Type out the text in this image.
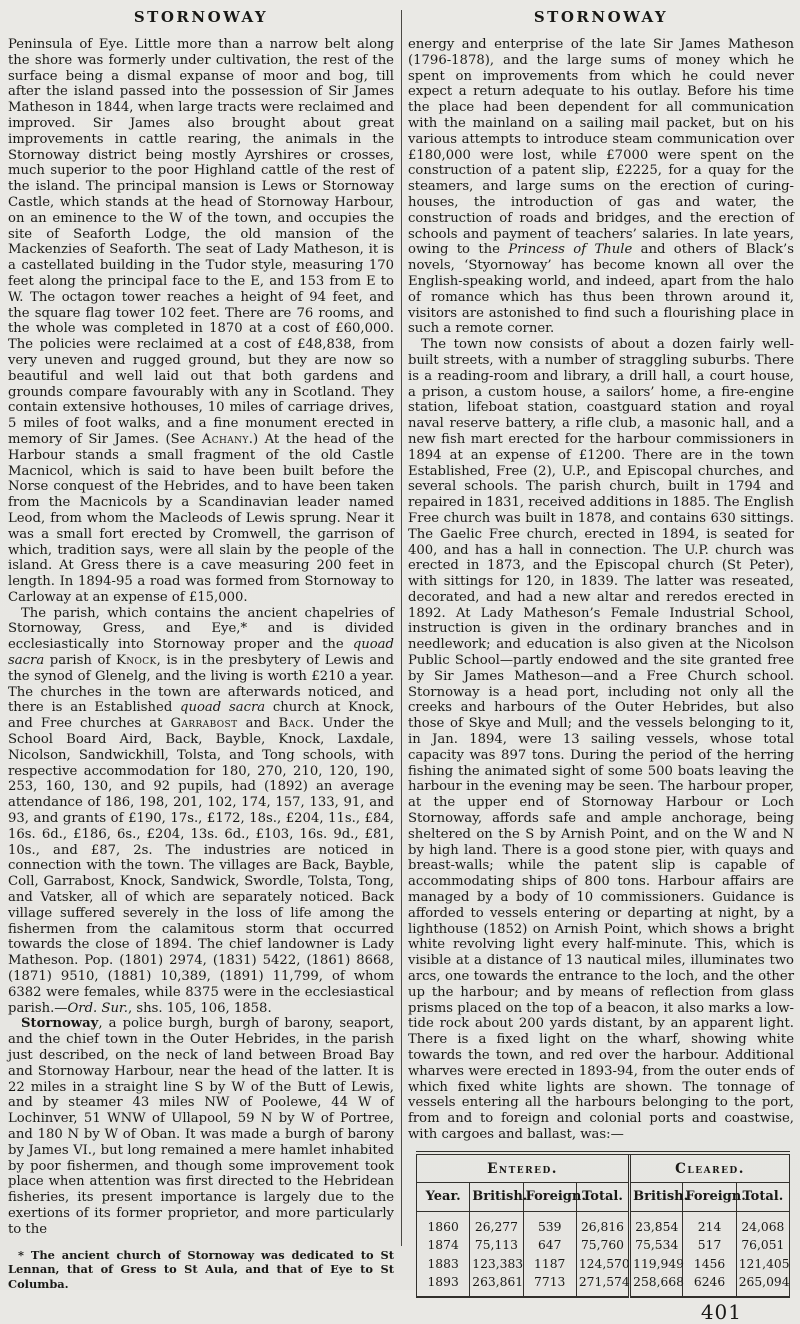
STORNOWAY

Peninsula of Eye. Little more than a narrow belt along the shore was formerly under cultivation, the rest of the surface being a dismal expanse of moor and bog, till after the island passed into the possession of Sir James Matheson in 1844, when large tracts were reclaimed and improved. Sir James also brought about great improvements in cattle rearing, the animals in the Stornoway district being mostly Ayrshires or crosses, much superior to the poor Highland cattle of the rest of the island. The principal mansion is Lews or Stornoway Castle, which stands at the head of Stornoway Harbour, on an eminence to the W of the town, and occupies the site of Seaforth Lodge, the old mansion of the Mackenzies of Seaforth. The seat of Lady Matheson, it is a castellated building in the Tudor style, measuring 170 feet along the principal face to the E, and 153 from E to W. The octagon tower reaches a height of 94 feet, and the square flag tower 102 feet. There are 76 rooms, and the whole was completed in 1870 at a cost of £60,000. The policies were reclaimed at a cost of £48,838, from very uneven and rugged ground, but they are now so beautiful and well laid out that both gardens and grounds compare favourably with any in Scotland. They contain extensive hothouses, 10 miles of carriage drives, 5 miles of foot walks, and a fine monument erected in memory of Sir James. (See Achany.) At the head of the Harbour stands a small fragment of the old Castle Macnicol, which is said to have been built before the Norse conquest of the Hebrides, and to have been taken from the Macnicols by a Scandinavian leader named Leod, from whom the Macleods of Lewis sprung. Near it was a small fort erected by Cromwell, the garrison of which, tradition says, were all slain by the people of the island. At Gress there is a cave measuring 200 feet in length. In 1894-95 a road was formed from Stornoway to Carloway at an expense of £15,000.

The parish, which contains the ancient chapelries of Stornoway, Gress, and Eye,* and is divided ecclesiastically into Stornoway proper and the quoad sacra parish of Knock, is in the presbytery of Lewis and the synod of Glenelg, and the living is worth £210 a year. The churches in the town are afterwards noticed, and there is an Established quoad sacra church at Knock, and Free churches at Garrabost and Back. Under the School Board Aird, Back, Bayble, Knock, Laxdale, Nicolson, Sandwickhill, Tolsta, and Tong schools, with respective accommodation for 180, 270, 210, 120, 190, 253, 160, 130, and 92 pupils, had (1892) an average attendance of 186, 198, 201, 102, 174, 157, 133, 91, and 93, and grants of £190, 17s., £172, 18s., £204, 11s., £84, 16s. 6d., £186, 6s., £204, 13s. 6d., £103, 16s. 9d., £81, 10s., and £87, 2s. The industries are noticed in connection with the town. The villages are Back, Bayble, Coll, Garrabost, Knock, Sandwick, Swordle, Tolsta, Tong, and Vatsker, all of which are separately noticed. Back village suffered severely in the loss of life among the fishermen from the calamitous storm that occurred towards the close of 1894. The chief landowner is Lady Matheson. Pop. (1801) 2974, (1831) 5422, (1861) 8668, (1871) 9510, (1881) 10,389, (1891) 11,799, of whom 6382 were females, while 8375 were in the ecclesiastical parish.—Ord. Sur., shs. 105, 106, 1858.

Stornoway, a police burgh, burgh of barony, seaport, and the chief town in the Outer Hebrides, in the parish just described, on the neck of land between Broad Bay and Stornoway Harbour, near the head of the latter. It is 22 miles in a straight line S by W of the Butt of Lewis, and by steamer 43 miles NW of Poolewe, 44 W of Lochinver, 51 WNW of Ullapool, 59 N by W of Portree, and 180 N by W of Oban. It was made a burgh of barony by James VI., but long remained a mere hamlet inhabited by poor fishermen, and though some improvement took place when attention was first directed to the Hebridean fisheries, its present importance is largely due to the exertions of its former proprietor, and more particularly to the

* The ancient church of Stornoway was dedicated to St Lennan, that of Gress to St Aula, and that of Eye to St Columba.

STORNOWAY

energy and enterprise of the late Sir James Matheson (1796-1878), and the large sums of money which he spent on improvements from which he could never expect a return adequate to his outlay. Before his time the place had been dependent for all communication with the mainland on a sailing mail packet, but on his various attempts to introduce steam communication over £180,000 were lost, while £7000 were spent on the construction of a patent slip, £2225, for a quay for the steamers, and large sums on the erection of curing-houses, the introduction of gas and water, the construction of roads and bridges, and the erection of schools and payment of teachers’ salaries. In late years, owing to the Princess of Thule and others of Black’s novels, ‘Styornoway’ has become known all over the English-speaking world, and indeed, apart from the halo of romance which has thus been thrown around it, visitors are astonished to find such a flourishing place in such a remote corner.

The town now consists of about a dozen fairly well-built streets, with a number of straggling suburbs. There is a reading-room and library, a drill hall, a court house, a prison, a custom house, a sailors’ home, a fire-engine station, lifeboat station, coastguard station and royal naval reserve battery, a rifle club, a masonic hall, and a new fish mart erected for the harbour commissioners in 1894 at an expense of £1200. There are in the town Established, Free (2), U.P., and Episcopal churches, and several schools. The parish church, built in 1794 and repaired in 1831, received additions in 1885. The English Free church was built in 1878, and contains 630 sittings. The Gaelic Free church, erected in 1894, is seated for 400, and has a hall in connection. The U.P. church was erected in 1873, and the Episcopal church (St Peter), with sittings for 120, in 1839. The latter was reseated, decorated, and had a new altar and reredos erected in 1892. At Lady Matheson’s Female Industrial School, instruction is given in the ordinary branches and in needlework; and education is also given at the Nicolson Public School—partly endowed and the site granted free by Sir James Matheson—and a Free Church school. Stornoway is a head port, including not only all the creeks and harbours of the Outer Hebrides, but also those of Skye and Mull; and the vessels belonging to it, in Jan. 1894, were 13 sailing vessels, whose total capacity was 897 tons. During the period of the herring fishing the animated sight of some 500 boats leaving the harbour in the evening may be seen. The harbour proper, at the upper end of Stornoway Harbour or Loch Stornoway, affords safe and ample anchorage, being sheltered on the S by Arnish Point, and on the W and N by high land. There is a good stone pier, with quays and breast-walls; while the patent slip is capable of accommodating ships of 800 tons. Harbour affairs are managed by a body of 10 commissioners. Guidance is afforded to vessels entering or departing at night, by a lighthouse (1852) on Arnish Point, which shows a bright white revolving light every half-minute. This, which is visible at a distance of 13 nautical miles, illuminates two arcs, one towards the entrance to the loch, and the other up the harbour; and by means of reflection from glass prisms placed on the top of a beacon, it also marks a low-tide rock about 200 yards distant, by an apparent light. There is a fixed light on the wharf, showing white towards the town, and red over the harbour. Additional wharves were erected in 1893-94, from the outer ends of which fixed white lights are shown. The tonnage of vessels entering all the harbours belonging to the port, from and to foreign and colonial ports and coastwise, with cargoes and ballast, was:—

Entered.				Cleared.		
Year.	British.	Foreign.	Total.	British.	Foreign.	Total.
1860	26,277	539	26,816	23,854	214	24,068
1874	75,113	647	75,760	75,534	517	76,051
1883	123,383	1187	124,570	119,949	1456	121,405
1893	263,861	7713	271,574	258,668	6246	265,094
401
